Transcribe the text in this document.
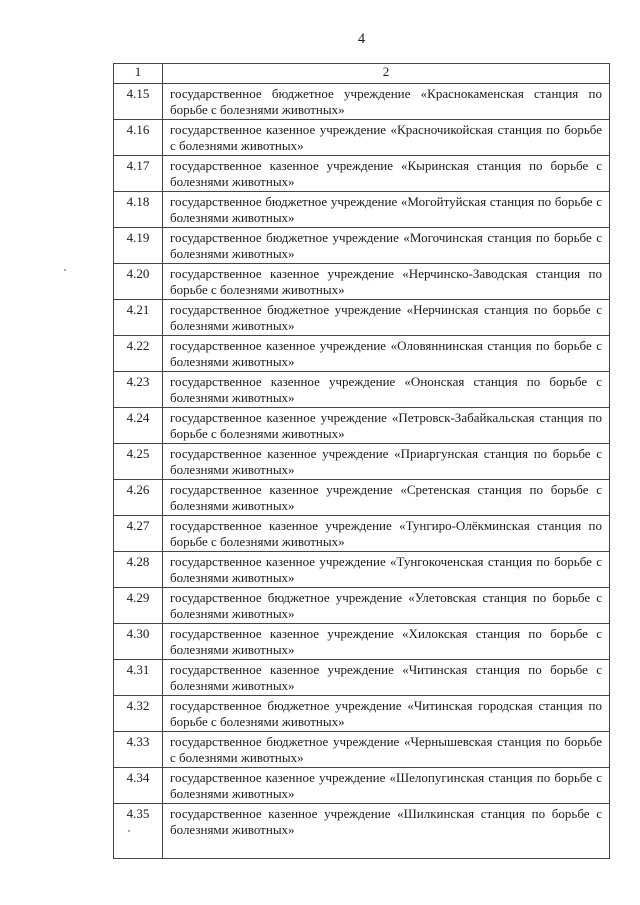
4
1	2
4.15	государственное бюджетное учреждение «Краснокаменская станция по борьбе с болезнями животных»
4.16	государственное казенное учреждение «Красночикойская станция по борьбе с болезнями животных»
4.17	государственное казенное учреждение «Кыринская станция по борьбе с болезнями животных»
4.18	государственное бюджетное учреждение «Могойтуйская станция по борьбе с болезнями животных»
4.19	государственное бюджетное учреждение «Могочинская станция по борьбе с болезнями животных»
4.20	государственное казенное учреждение «Нерчинско-Заводская станция по борьбе с болезнями животных»
4.21	государственное бюджетное учреждение «Нерчинская станция по борьбе с болезнями животных»
4.22	государственное казенное учреждение «Оловяннинская станция по борьбе с болезнями животных»
4.23	государственное казенное учреждение «Ононская станция по борьбе с болезнями животных»
4.24	государственное казенное учреждение «Петровск-Забайкальская станция по борьбе с болезнями животных»
4.25	государственное казенное учреждение «Приаргунская станция по борьбе с болезнями животных»
4.26	государственное казенное учреждение «Сретенская станция по борьбе с болезнями животных»
4.27	государственное казенное учреждение «Тунгиро-Олёкминская станция по борьбе с болезнями животных»
4.28	государственное казенное учреждение «Тунгокоченская станция по борьбе с болезнями животных»
4.29	государственное бюджетное учреждение «Улетовская станция по борьбе с болезнями животных»
4.30	государственное казенное учреждение «Хилокская станция по борьбе с болезнями животных»
4.31	государственное казенное учреждение «Читинская станция по борьбе с болезнями животных»
4.32	государственное бюджетное учреждение «Читинская городская станция по борьбе с болезнями животных»
4.33	государственное бюджетное учреждение «Чернышевская станция по борьбе с болезнями животных»
4.34	государственное казенное учреждение «Шелопугинская станция по борьбе с болезнями животных»
4.35	государственное казенное учреждение «Шилкинская станция по борьбе с болезнями животных»
